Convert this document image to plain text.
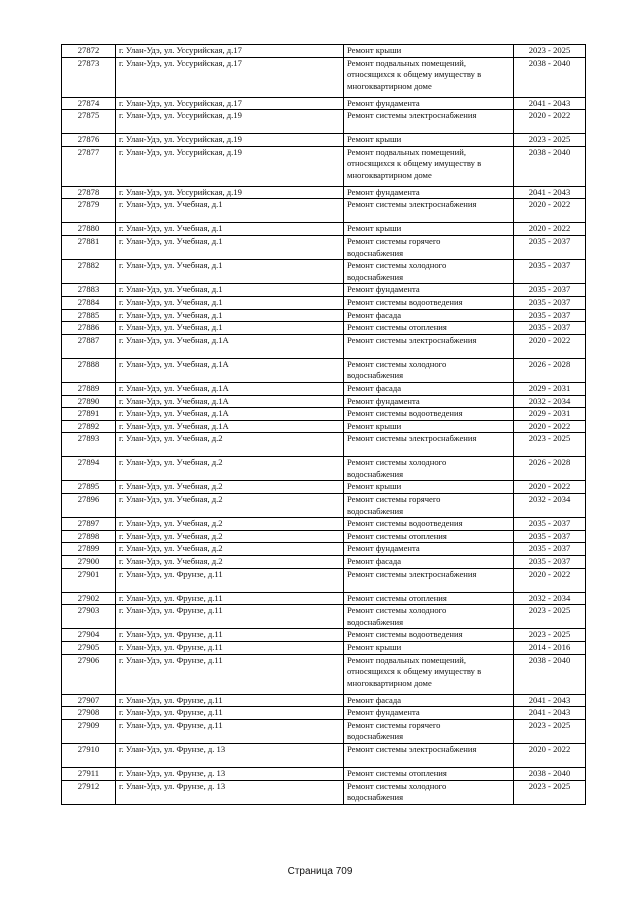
27872	г. Улан-Удэ, ул. Уссурийская, д.17	Ремонт крыши	2023 - 2025
27873	г. Улан-Удэ, ул. Уссурийская, д.17	Ремонт подвальных помещений,
относящихся к общему имуществу в
многоквартирном доме	2038 - 2040
27874	г. Улан-Удэ, ул. Уссурийская, д.17	Ремонт фундамента	2041 - 2043
27875	г. Улан-Удэ, ул. Уссурийская, д.19	Ремонт системы электроснабжения	2020 - 2022
27876	г. Улан-Удэ, ул. Уссурийская, д.19	Ремонт крыши	2023 - 2025
27877	г. Улан-Удэ, ул. Уссурийская, д.19	Ремонт подвальных помещений,
относящихся к общему имуществу в
многоквартирном доме	2038 - 2040
27878	г. Улан-Удэ, ул. Уссурийская, д.19	Ремонт фундамента	2041 - 2043
27879	г. Улан-Удэ, ул. Учебная, д.1	Ремонт системы электроснабжения	2020 - 2022
27880	г. Улан-Удэ, ул. Учебная, д.1	Ремонт крыши	2020 - 2022
27881	г. Улан-Удэ, ул. Учебная, д.1	Ремонт системы горячего
водоснабжения	2035 - 2037
27882	г. Улан-Удэ, ул. Учебная, д.1	Ремонт системы холодного
водоснабжения	2035 - 2037
27883	г. Улан-Удэ, ул. Учебная, д.1	Ремонт фундамента	2035 - 2037
27884	г. Улан-Удэ, ул. Учебная, д.1	Ремонт системы водоотведения	2035 - 2037
27885	г. Улан-Удэ, ул. Учебная, д.1	Ремонт фасада	2035 - 2037
27886	г. Улан-Удэ, ул. Учебная, д.1	Ремонт системы отопления	2035 - 2037
27887	г. Улан-Удэ, ул. Учебная, д.1А	Ремонт системы электроснабжения	2020 - 2022
27888	г. Улан-Удэ, ул. Учебная, д.1А	Ремонт системы холодного
водоснабжения	2026 - 2028
27889	г. Улан-Удэ, ул. Учебная, д.1А	Ремонт фасада	2029 - 2031
27890	г. Улан-Удэ, ул. Учебная, д.1А	Ремонт фундамента	2032 - 2034
27891	г. Улан-Удэ, ул. Учебная, д.1А	Ремонт системы водоотведения	2029 - 2031
27892	г. Улан-Удэ, ул. Учебная, д.1А	Ремонт крыши	2020 - 2022
27893	г. Улан-Удэ, ул. Учебная, д.2	Ремонт системы электроснабжения	2023 - 2025
27894	г. Улан-Удэ, ул. Учебная, д.2	Ремонт системы холодного
водоснабжения	2026 - 2028
27895	г. Улан-Удэ, ул. Учебная, д.2	Ремонт крыши	2020 - 2022
27896	г. Улан-Удэ, ул. Учебная, д.2	Ремонт системы горячего
водоснабжения	2032 - 2034
27897	г. Улан-Удэ, ул. Учебная, д.2	Ремонт системы водоотведения	2035 - 2037
27898	г. Улан-Удэ, ул. Учебная, д.2	Ремонт системы отопления	2035 - 2037
27899	г. Улан-Удэ, ул. Учебная, д.2	Ремонт фундамента	2035 - 2037
27900	г. Улан-Удэ, ул. Учебная, д.2	Ремонт фасада	2035 - 2037
27901	г. Улан-Удэ, ул. Фрунзе, д.11	Ремонт системы электроснабжения	2020 - 2022
27902	г. Улан-Удэ, ул. Фрунзе, д.11	Ремонт системы отопления	2032 - 2034
27903	г. Улан-Удэ, ул. Фрунзе, д.11	Ремонт системы холодного
водоснабжения	2023 - 2025
27904	г. Улан-Удэ, ул. Фрунзе, д.11	Ремонт системы водоотведения	2023 - 2025
27905	г. Улан-Удэ, ул. Фрунзе, д.11	Ремонт крыши	2014 - 2016
27906	г. Улан-Удэ, ул. Фрунзе, д.11	Ремонт подвальных помещений,
относящихся к общему имуществу в
многоквартирном доме	2038 - 2040
27907	г. Улан-Удэ, ул. Фрунзе, д.11	Ремонт фасада	2041 - 2043
27908	г. Улан-Удэ, ул. Фрунзе, д.11	Ремонт фундамента	2041 - 2043
27909	г. Улан-Удэ, ул. Фрунзе, д.11	Ремонт системы горячего
водоснабжения	2023 - 2025
27910	г. Улан-Удэ, ул. Фрунзе, д. 13	Ремонт системы электроснабжения	2020 - 2022
27911	г. Улан-Удэ, ул. Фрунзе, д. 13	Ремонт системы отопления	2038 - 2040
27912	г. Улан-Удэ, ул. Фрунзе, д. 13	Ремонт системы холодного
водоснабжения	2023 - 2025
Страница 709
